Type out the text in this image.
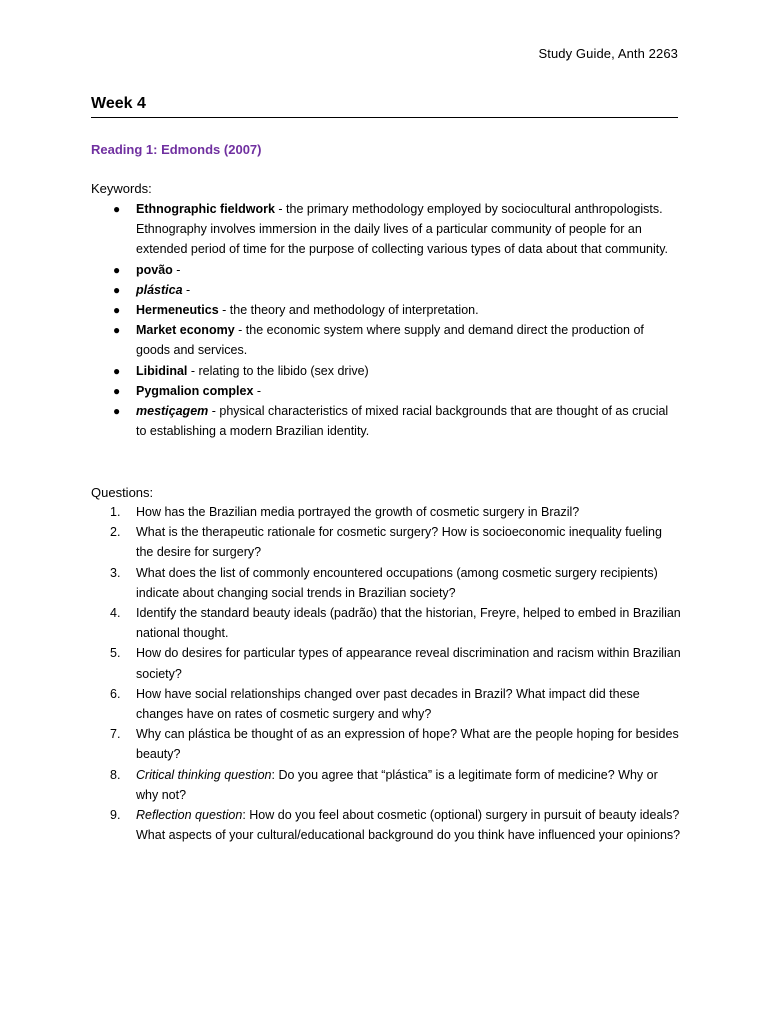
Study Guide, Anth 2263
Week 4
Reading 1: Edmonds (2007)
Keywords:
● Ethnographic fieldwork - the primary methodology employed by sociocultural anthropologists. Ethnography involves immersion in the daily lives of a particular community of people for an extended period of time for the purpose of collecting various types of data about that community.
● povão -
● plástica -
● Hermeneutics - the theory and methodology of interpretation.
● Market economy - the economic system where supply and demand direct the production of goods and services.
● Libidinal - relating to the libido (sex drive)
● Pygmalion complex -
● mestiçagem - physical characteristics of mixed racial backgrounds that are thought of as crucial to establishing a modern Brazilian identity.
Questions:
1. How has the Brazilian media portrayed the growth of cosmetic surgery in Brazil?
2. What is the therapeutic rationale for cosmetic surgery? How is socioeconomic inequality fueling the desire for surgery?
3. What does the list of commonly encountered occupations (among cosmetic surgery recipients) indicate about changing social trends in Brazilian society?
4. Identify the standard beauty ideals (padrão) that the historian, Freyre, helped to embed in Brazilian national thought.
5. How do desires for particular types of appearance reveal discrimination and racism within Brazilian society?
6. How have social relationships changed over past decades in Brazil? What impact did these changes have on rates of cosmetic surgery and why?
7. Why can plástica be thought of as an expression of hope? What are the people hoping for besides beauty?
8. Critical thinking question: Do you agree that “plástica” is a legitimate form of medicine? Why or why not?
9. Reflection question: How do you feel about cosmetic (optional) surgery in pursuit of beauty ideals? What aspects of your cultural/educational background do you think have influenced your opinions?
